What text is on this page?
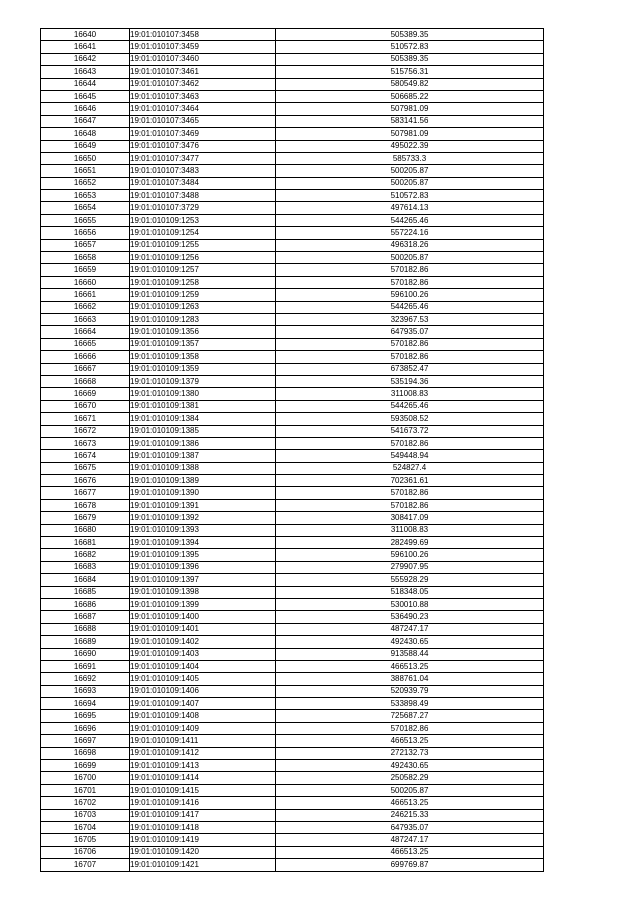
16640	19:01:010107:3458	505389.35
16641	19:01:010107:3459	510572.83
16642	19:01:010107:3460	505389.35
16643	19:01:010107:3461	515756.31
16644	19:01:010107:3462	580549.82
16645	19:01:010107:3463	506685.22
16646	19:01:010107:3464	507981.09
16647	19:01:010107:3465	583141.56
16648	19:01:010107:3469	507981.09
16649	19:01:010107:3476	495022.39
16650	19:01:010107:3477	585733.3
16651	19:01:010107:3483	500205.87
16652	19:01:010107:3484	500205.87
16653	19:01:010107:3488	510572.83
16654	19:01:010107:3729	497614.13
16655	19:01:010109:1253	544265.46
16656	19:01:010109:1254	557224.16
16657	19:01:010109:1255	496318.26
16658	19:01:010109:1256	500205.87
16659	19:01:010109:1257	570182.86
16660	19:01:010109:1258	570182.86
16661	19:01:010109:1259	596100.26
16662	19:01:010109:1263	544265.46
16663	19:01:010109:1283	323967.53
16664	19:01:010109:1356	647935.07
16665	19:01:010109:1357	570182.86
16666	19:01:010109:1358	570182.86
16667	19:01:010109:1359	673852.47
16668	19:01:010109:1379	535194.36
16669	19:01:010109:1380	311008.83
16670	19:01:010109:1381	544265.46
16671	19:01:010109:1384	593508.52
16672	19:01:010109:1385	541673.72
16673	19:01:010109:1386	570182.86
16674	19:01:010109:1387	549448.94
16675	19:01:010109:1388	524827.4
16676	19:01:010109:1389	702361.61
16677	19:01:010109:1390	570182.86
16678	19:01:010109:1391	570182.86
16679	19:01:010109:1392	308417.09
16680	19:01:010109:1393	311008.83
16681	19:01:010109:1394	282499.69
16682	19:01:010109:1395	596100.26
16683	19:01:010109:1396	279907.95
16684	19:01:010109:1397	555928.29
16685	19:01:010109:1398	518348.05
16686	19:01:010109:1399	530010.88
16687	19:01:010109:1400	536490.23
16688	19:01:010109:1401	487247.17
16689	19:01:010109:1402	492430.65
16690	19:01:010109:1403	913588.44
16691	19:01:010109:1404	466513.25
16692	19:01:010109:1405	388761.04
16693	19:01:010109:1406	520939.79
16694	19:01:010109:1407	533898.49
16695	19:01:010109:1408	725687.27
16696	19:01:010109:1409	570182.86
16697	19:01:010109:1411	466513.25
16698	19:01:010109:1412	272132.73
16699	19:01:010109:1413	492430.65
16700	19:01:010109:1414	250582.29
16701	19:01:010109:1415	500205.87
16702	19:01:010109:1416	466513.25
16703	19:01:010109:1417	246215.33
16704	19:01:010109:1418	647935.07
16705	19:01:010109:1419	487247.17
16706	19:01:010109:1420	466513.25
16707	19:01:010109:1421	699769.87
